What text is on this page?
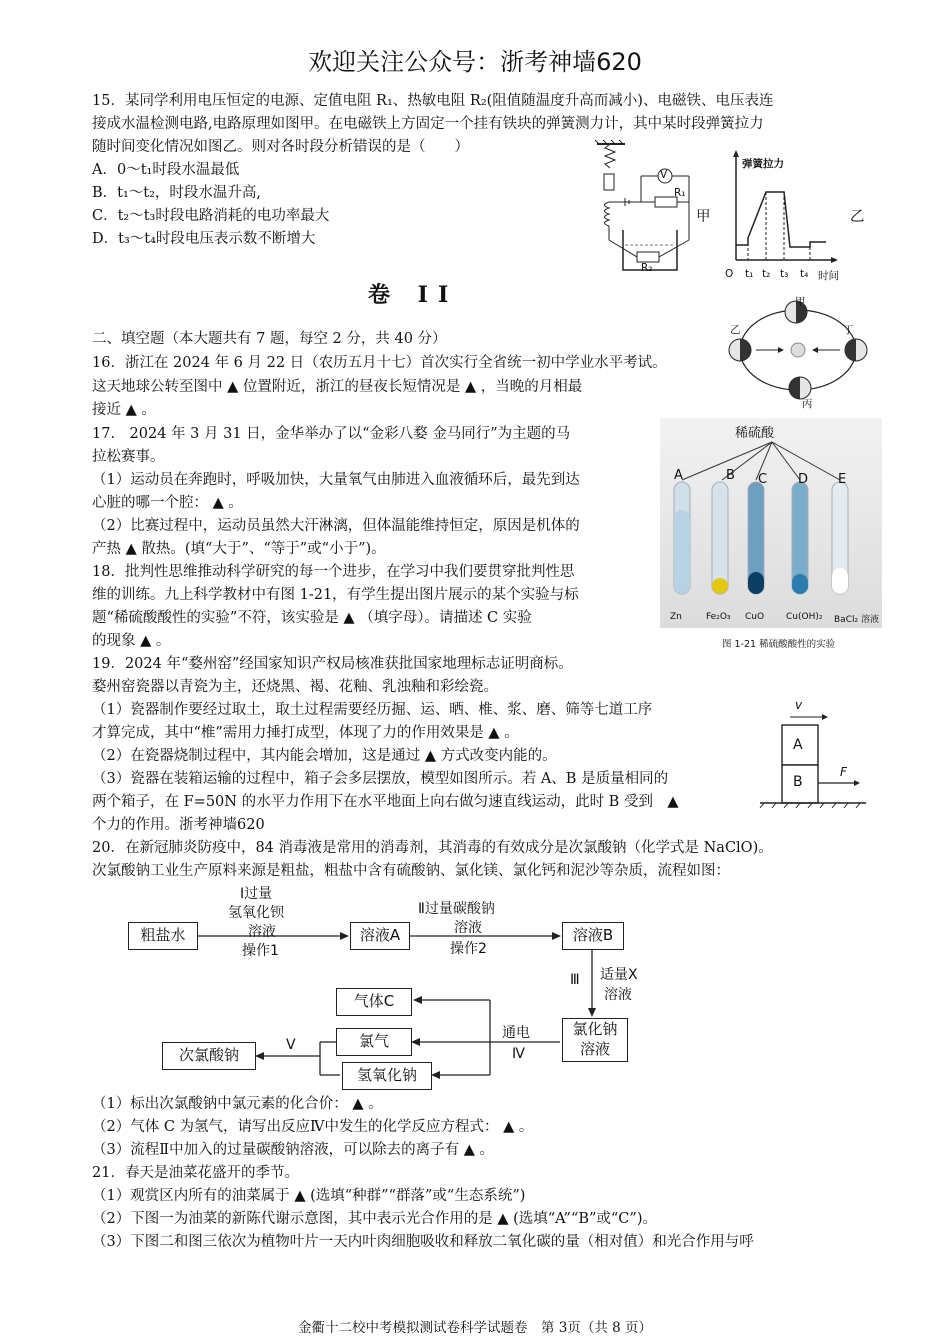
欢迎关注公众号：浙考神墙620
15．某同学利用电压恒定的电源、定值电阻 R₁、热敏电阻 R₂(阻值随温度升高而减小)、电磁铁、电压表连
接成水温检测电路,电路原理如图甲。在电磁铁上方固定一个挂有铁块的弹簧测力计，其中某时段弹簧拉力
随时间变化情况如图乙。则对各时段分析错误的是（　　）
A．0～t₁时段水温最低
B．t₁～t₂，时段水温升高,
C．t₂～t₃时段电路消耗的电功率最大
D．t₃～t₄时段电压表示数不断增大
V
R₁
R₂
甲
弹簧拉力
O t₁ t₂ t₃ t₄ 时间
乙
卷 II	甲
乙
丙
丁
二、填空题（本大题共有 7 题，每空 2 分，共 40 分）
16．浙江在 2024 年 6 月 22 日（农历五月十七）首次实行全省统一初中学业水平考试。
这天地球公转至图中 ▲ 位置附近，浙江的昼夜长短情况是 ▲ ，当晚的月相最
接近 ▲ 。
17.　2024 年 3 月 31 日，金华举办了以“金彩八婺 金马同行”为主题的马
拉松赛事。
（1）运动员在奔跑时，呼吸加快，大量氧气由肺进入血液循环后，最先到达
心脏的哪一个腔： ▲ 。
（2）比赛过程中，运动员虽然大汗淋漓，但体温能维持恒定，原因是机体的
产热 ▲ 散热。(填“大于”、“等于”或“小于”)。
18．批判性思维推动科学研究的每一个进步，在学习中我们要贯穿批判性思
维的训练。九上科学教材中有图 1-21，有学生提出图片展示的某个实验与标
题“稀硫酸酸性的实验”不符，该实验是 ▲ （填字母）。请描述 C 实验
的现象 ▲ 。
稀硫酸
A	B C D E
Zn	Fe₂O₃ CuO Cu(OH)₂ BaCl₂ 溶液
图 1-21 稀硫酸酸性的实验
19．2024 年“婺州窑”经国家知识产权局核准获批国家地理标志证明商标。
婺州窑瓷器以青瓷为主，还烧黑、褐、花釉、乳浊釉和彩绘瓷。
（1）瓷器制作要经过取土，取土过程需要经历掘、运、晒、椎、浆、磨、筛等七道工序
才算完成，其中“椎”需用力捶打成型，体现了力的作用效果是 ▲ 。
（2）在瓷器烧制过程中，其内能会增加，这是通过 ▲ 方式改变内能的。
（3）瓷器在装箱运输的过程中，箱子会多层摆放，模型如图所示。若 A、B 是质量相同的
两个箱子，在 F=50N 的水平力作用下在水平地面上向右做匀速直线运动，此时 B 受到　▲
个力的作用。浙考神墙620
A
B
v
F
20．在新冠肺炎防疫中，84 消毒液是常用的消毒剂，其消毒的有效成分是次氯酸钠（化学式是 NaClO)。
次氯酸钠工业生产原料来源是粗盐，粗盐中含有硫酸钠、氯化镁、氯化钙和泥沙等杂质，流程如图：
粗盐水	溶液A	溶液B
氯化钠
溶液
气体C
氯气
氢氧化钠
次氯酸钠
Ⅰ过量
氢氧化钡
溶液
操作1
Ⅱ过量碳酸钠
溶液
操作2
Ⅲ 适量X
溶液
通电
Ⅳ
Ⅴ
（1）标出次氯酸钠中氯元素的化合价： ▲ 。
（2）气体 C 为氢气，请写出反应Ⅳ中发生的化学反应方程式： ▲ 。
（3）流程Ⅱ中加入的过量碳酸钠溶液，可以除去的离子有 ▲ 。
21．春天是油菜花盛开的季节。
（1）观赏区内所有的油菜属于 ▲ (选填“种群”“群落”或“生态系统”)
（2）下图一为油菜的新陈代谢示意图，其中表示光合作用的是 ▲ (选填“A”“B”或“C”)。
（3）下图二和图三依次为植物叶片一天内叶肉细胞吸收和释放二氧化碳的量（相对值）和光合作用与呼
金衢十二校中考模拟测试卷科学试题卷　第 3页（共 8 页）
